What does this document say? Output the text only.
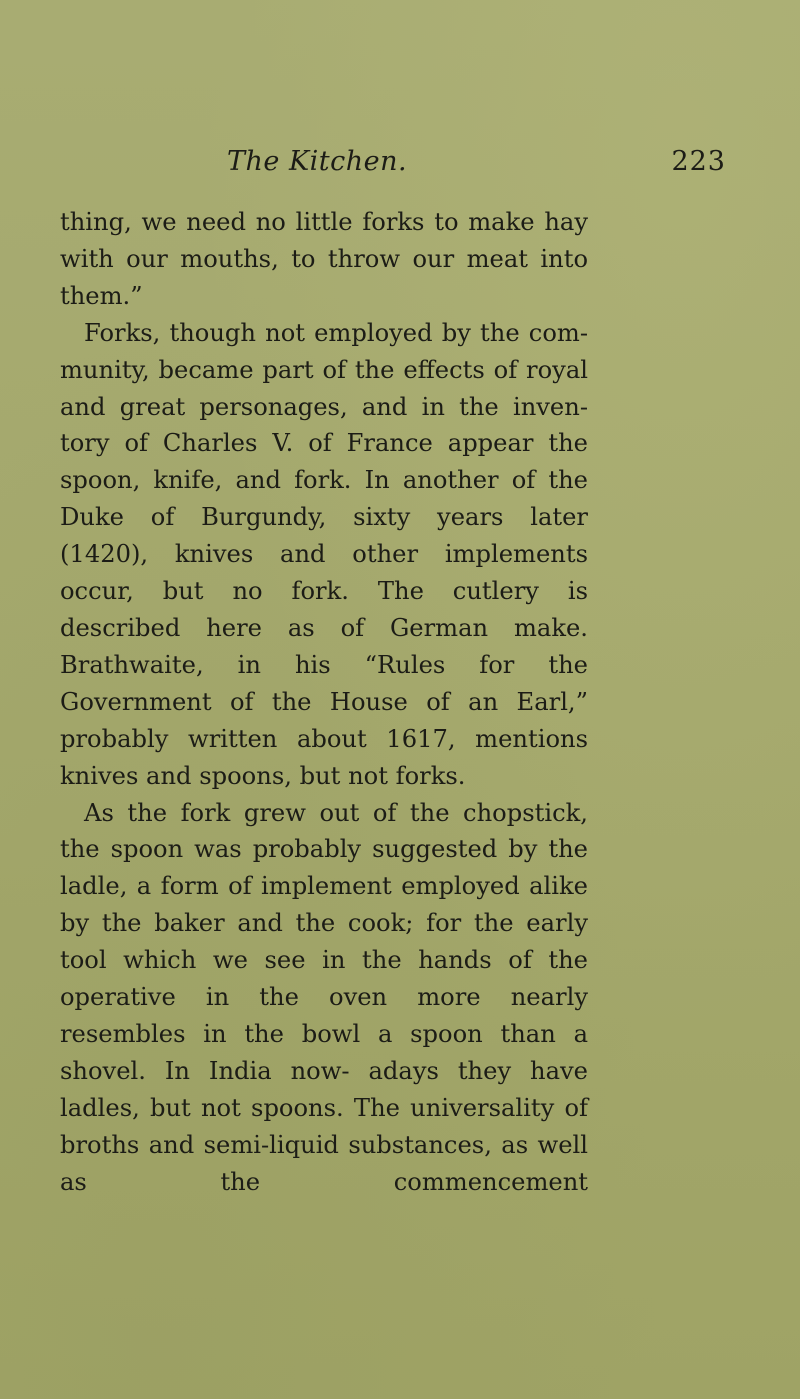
The Kitchen.	223

thing, we need no little forks to make hay with our mouths, to throw our meat into them.”

Forks, though not employed by the com- munity, became part of the effects of royal and great personages, and in the inven- tory of Charles V. of France appear the spoon, knife, and fork. In another of the Duke of Burgundy, sixty years later (1420), knives and other implements occur, but no fork. The cutlery is described here as of German make. Brathwaite, in his “Rules for the Government of the House of an Earl,” probably written about 1617, mentions knives and spoons, but not forks.

As the fork grew out of the chopstick, the spoon was probably suggested by the ladle, a form of implement employed alike by the baker and the cook; for the early tool which we see in the hands of the operative in the oven more nearly resembles in the bowl a spoon than a shovel. In India now- adays they have ladles, but not spoons. The universality of broths and semi-liquid substances, as well as the commencement
